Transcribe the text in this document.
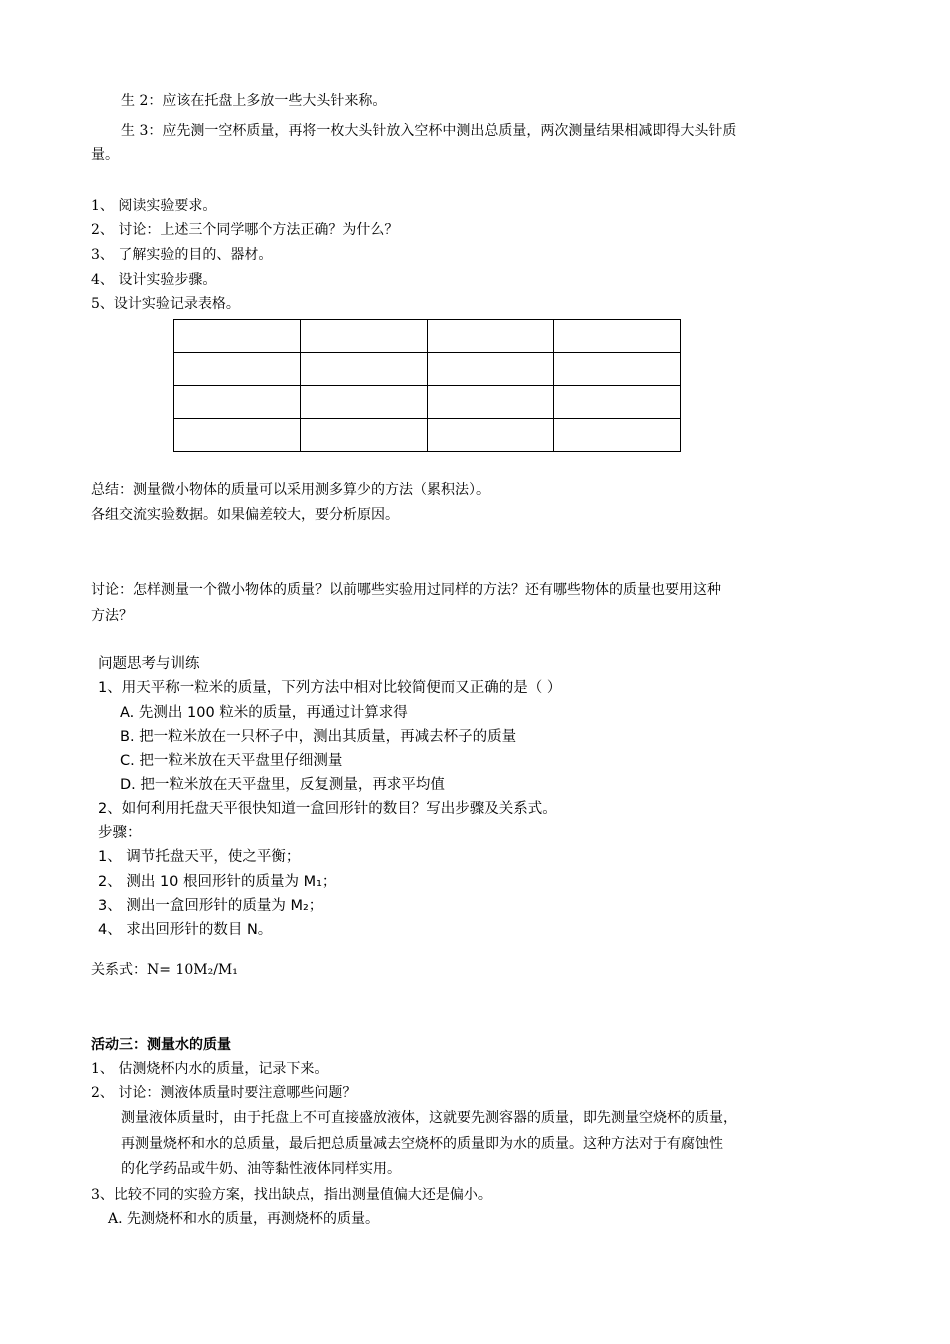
生 2：应该在托盘上多放一些大头针来称。
生 3：应先测一空杯质量，再将一枚大头针放入空杯中测出总质量，两次测量结果相减即得大头针质
量。
1、 阅读实验要求。
2、 讨论：上述三个同学哪个方法正确？为什么？
3、 了解实验的目的、器材。
4、 设计实验步骤。
5、设计实验记录表格。

总结：测量微小物体的质量可以采用测多算少的方法（累积法）。
各组交流实验数据。如果偏差较大，要分析原因。
讨论：怎样测量一个微小物体的质量？以前哪些实验用过同样的方法？还有哪些物体的质量也要用这种
方法？
问题思考与训练
1、用天平称一粒米的质量，下列方法中相对比较简便而又正确的是（ ）
A. 先测出 100 粒米的质量，再通过计算求得
B. 把一粒米放在一只杯子中，测出其质量，再减去杯子的质量
C. 把一粒米放在天平盘里仔细测量
D. 把一粒米放在天平盘里，反复测量，再求平均值
2、如何利用托盘天平很快知道一盒回形针的数目？写出步骤及关系式。
步骤：
1、 调节托盘天平，使之平衡；
2、 测出 10 根回形针的质量为 M₁；
3、 测出一盒回形针的质量为 M₂；
4、 求出回形针的数目 N。
关系式：N= 10M₂/M₁
活动三：测量水的质量
1、 估测烧杯内水的质量，记录下来。
2、 讨论：测液体质量时要注意哪些问题？
测量液体质量时，由于托盘上不可直接盛放液体，这就要先测容器的质量，即先测量空烧杯的质量，
再测量烧杯和水的总质量，最后把总质量减去空烧杯的质量即为水的质量。这种方法对于有腐蚀性
的化学药品或牛奶、油等黏性液体同样实用。
3、比较不同的实验方案，找出缺点，指出测量值偏大还是偏小。
A. 先测烧杯和水的质量，再测烧杯的质量。
